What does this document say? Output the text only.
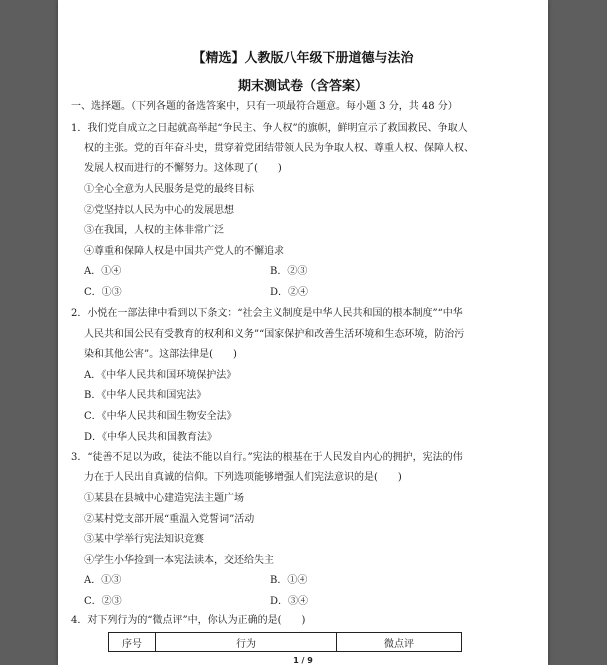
【精选】人教版八年级下册道德与法治
期末测试卷（含答案）
一、选择题。（下列各题的备选答案中，只有一项最符合题意。每小题 3 分，共 48 分）
1．我们党自成立之日起就高举起“争民主、争人权”的旗帜，鲜明宣示了救国救民、争取人
权的主张。党的百年奋斗史，贯穿着党团结带领人民为争取人权、尊重人权、保障人权、
发展人权而进行的不懈努力。这体现了(　　)
①全心全意为人民服务是党的最终目标
②党坚持以人民为中心的发展思想
③在我国，人权的主体非常广泛
④尊重和保障人权是中国共产党人的不懈追求
A．①④	B．②③
C．①③	D．②④
2．小悦在一部法律中看到以下条文：“社会主义制度是中华人民共和国的根本制度”“中华
人民共和国公民有受教育的权利和义务”“国家保护和改善生活环境和生态环境，防治污
染和其他公害”。这部法律是(　　)
A．《中华人民共和国环境保护法》
B．《中华人民共和国宪法》
C．《中华人民共和国生物安全法》
D．《中华人民共和国教育法》
3．“徒善不足以为政，徒法不能以自行。”宪法的根基在于人民发自内心的拥护，宪法的伟
力在于人民出自真诚的信仰。下列选项能够增强人们宪法意识的是(　　)
①某县在县城中心建造宪法主题广场
②某村党支部开展“重温入党誓词”活动
③某中学举行宪法知识竞赛
④学生小华捡到一本宪法读本，交还给失主
A．①③	B．①④
C．②③	D．③④
4．对下列行为的“微点评”中，你认为正确的是(　　)
序号	行为	微点评
1 / 9
